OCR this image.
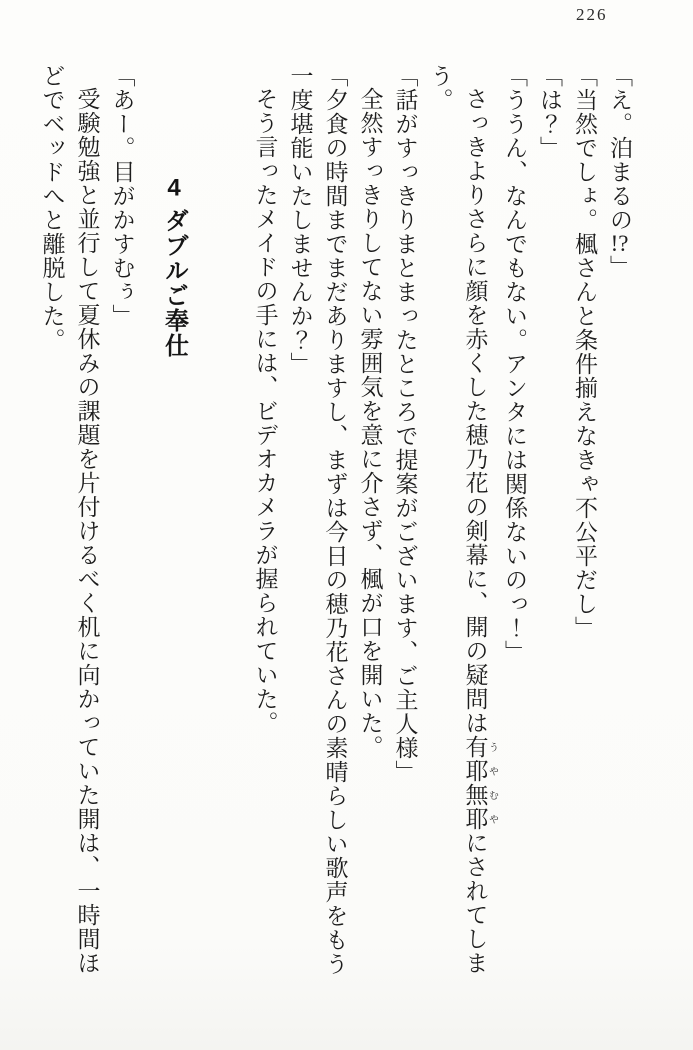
226
「え。泊まるの!?」
「当然でしょ。楓さんと条件揃えなきゃ不公平だし」
「は？」
「ううん、なんでもない。アンタには関係ないのっ！」
さっきよりさらに顔を赤くした穂乃花の剣幕に、開の疑問は有耶無耶 うやむやにされてしま
う。
「話がすっきりまとまったところで提案がございます、ご主人様」
全然すっきりしてない雰囲気を意に介さず、楓が口を開いた。
「夕食の時間までまだありますし、まずは今日の穂乃花さんの素晴らしい歌声をもう
一度堪能いたしませんか？」
そう言ったメイドの手には、ビデオカメラが握られていた。
4 ダブルご奉仕
「あー。目がかすむぅ」
受験勉強と並行して夏休みの課題を片付けるべく机に向かっていた開は、一時間ほ
どでベッドへと離脱した。
